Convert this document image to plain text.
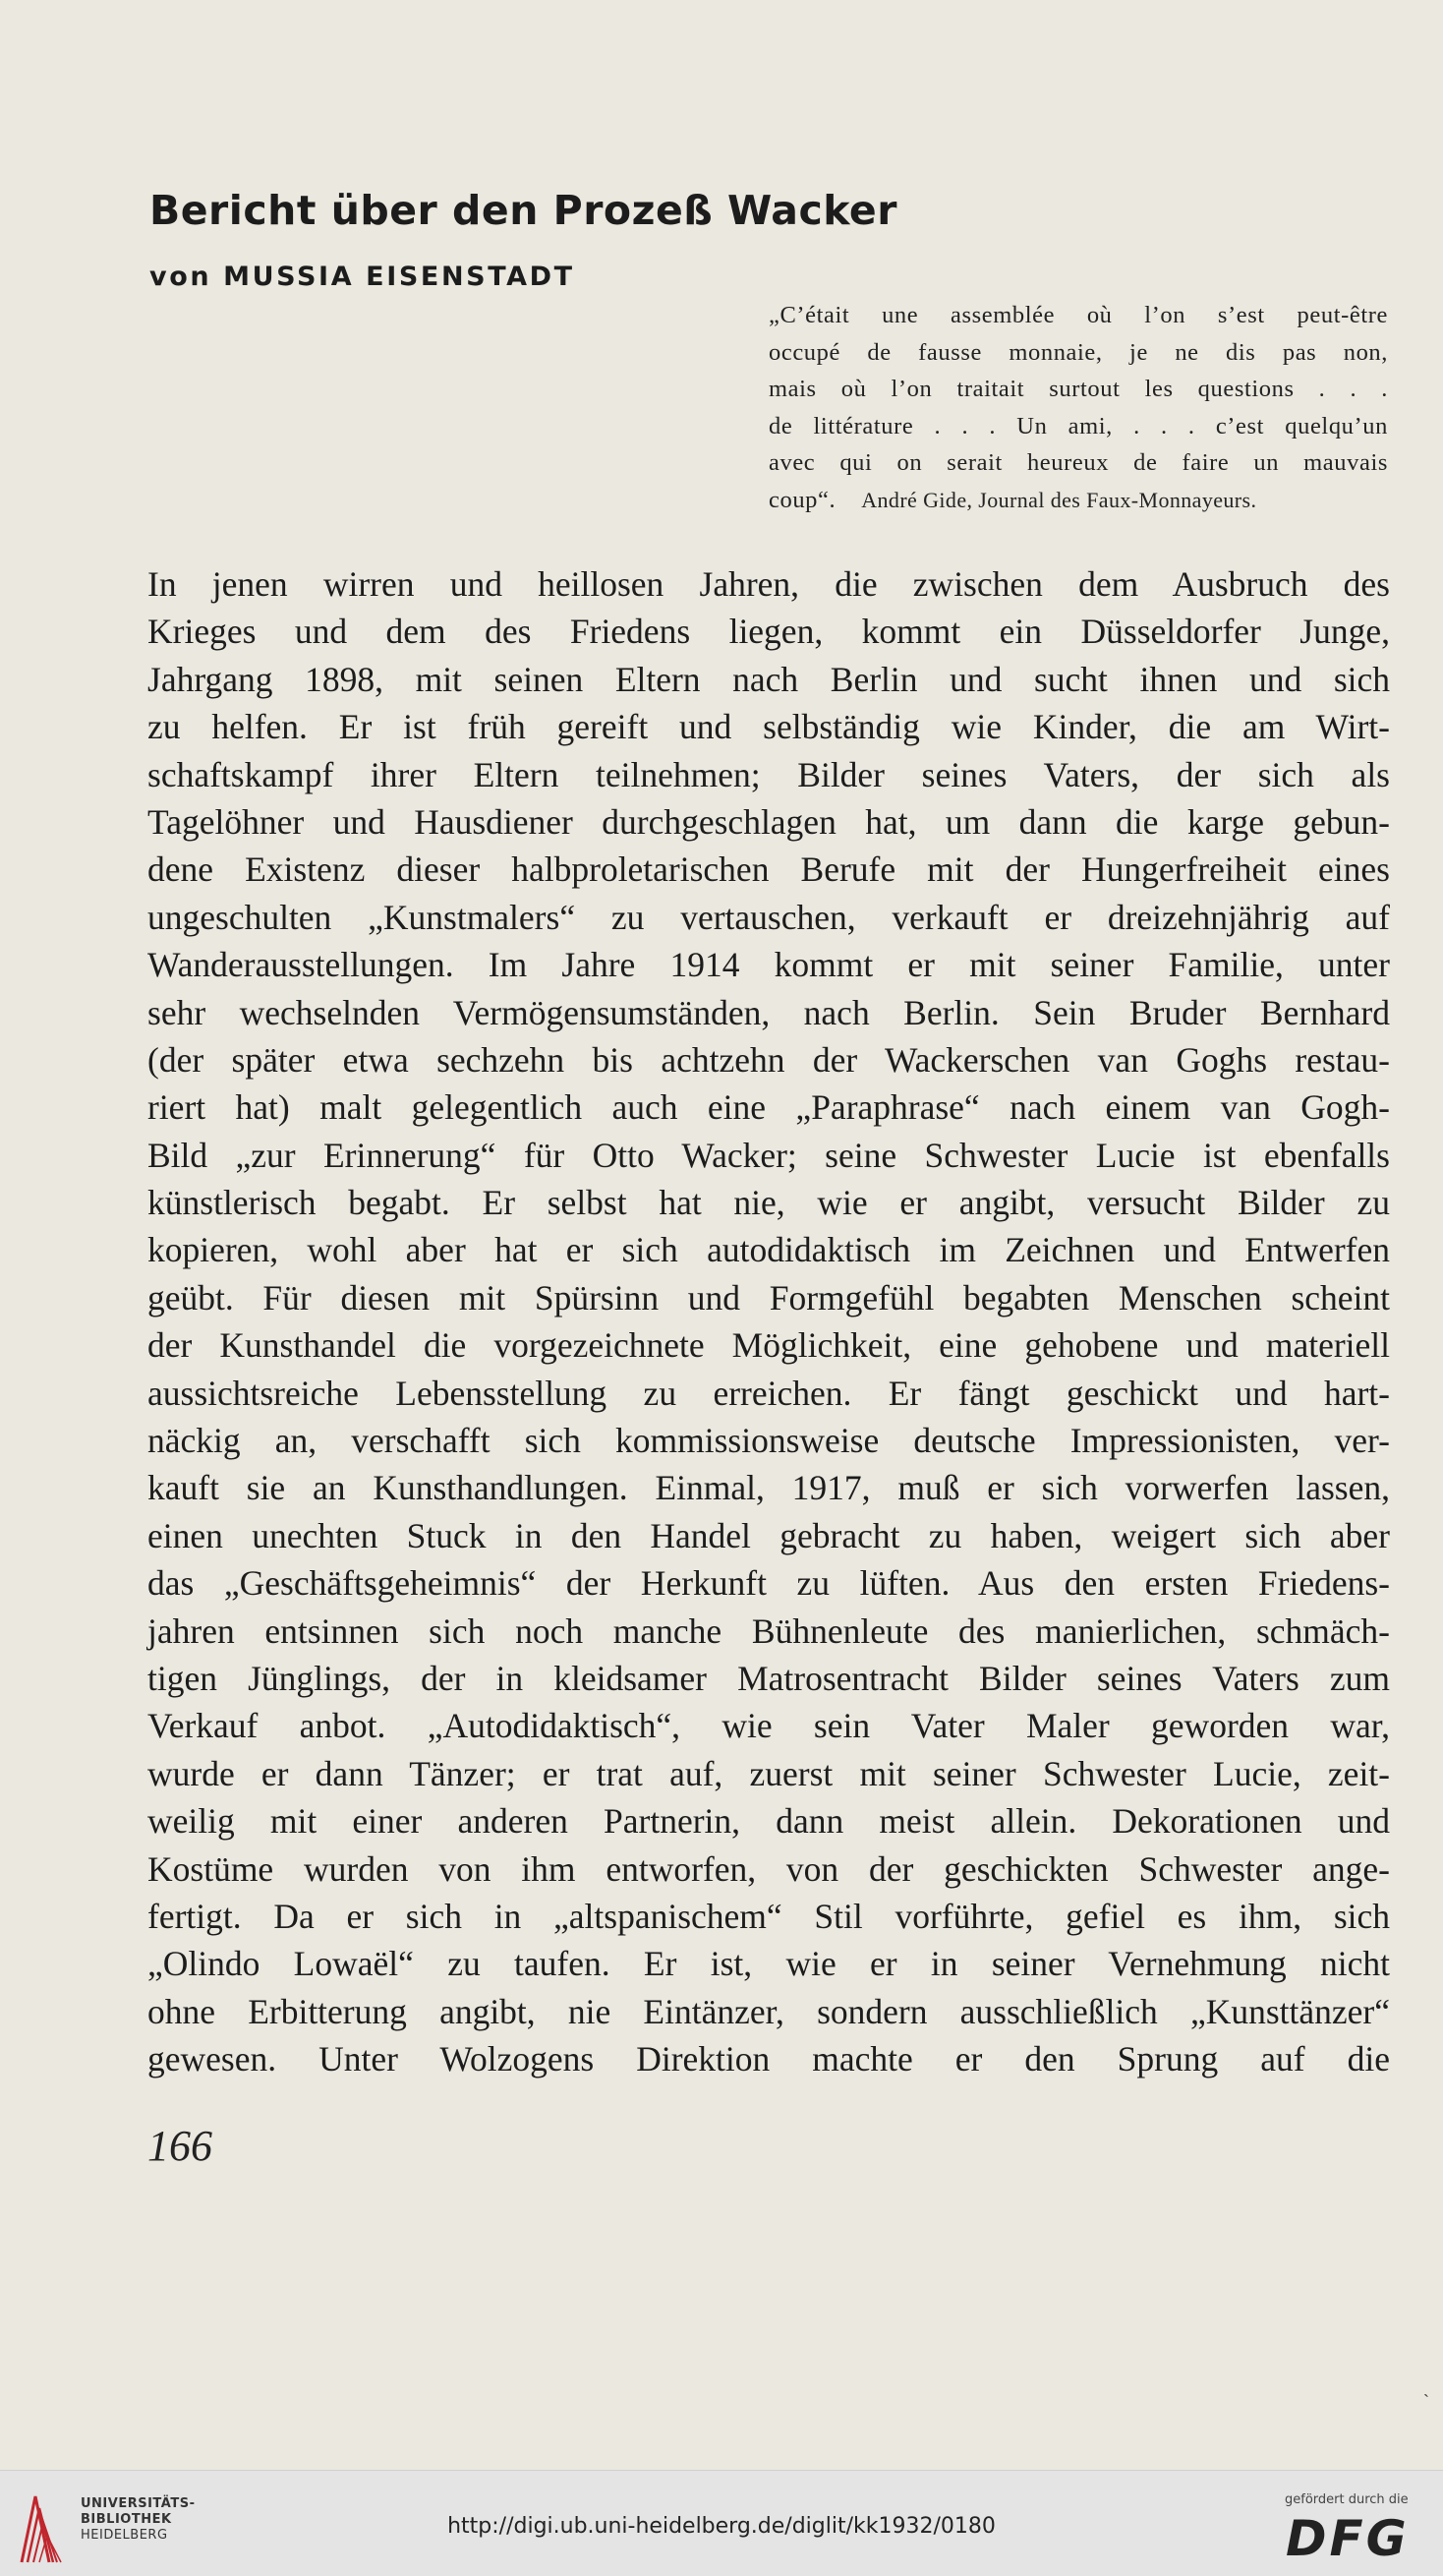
Bericht über den Prozeß Wacker
von MUSSIA EISENSTADT
„C’était une assemblée où l’on s’est peut-être
occupé de fausse monnaie, je ne dis pas non,
mais où l’on traitait surtout les questions . . .
de littérature . . . Un ami, . . . c’est quelqu’un
avec qui on serait heureux de faire un mauvais
coup“. André Gide, Journal des Faux-Monnayeurs.
In jenen wirren und heillosen Jahren, die zwischen dem Ausbruch des
Krieges und dem des Friedens liegen, kommt ein Düsseldorfer Junge,
Jahrgang 1898, mit seinen Eltern nach Berlin und sucht ihnen und sich
zu helfen. Er ist früh gereift und selbständig wie Kinder, die am Wirt-
schaftskampf ihrer Eltern teilnehmen; Bilder seines Vaters, der sich als
Tagelöhner und Hausdiener durchgeschlagen hat, um dann die karge gebun-
dene Existenz dieser halbproletarischen Berufe mit der Hungerfreiheit eines
ungeschulten „Kunstmalers“ zu vertauschen, verkauft er dreizehnjährig auf
Wanderausstellungen. Im Jahre 1914 kommt er mit seiner Familie, unter
sehr wechselnden Vermögensumständen, nach Berlin. Sein Bruder Bernhard
(der später etwa sechzehn bis achtzehn der Wackerschen van Goghs restau-
riert hat) malt gelegentlich auch eine „Paraphrase“ nach einem van Gogh-
Bild „zur Erinnerung“ für Otto Wacker; seine Schwester Lucie ist ebenfalls
künstlerisch begabt. Er selbst hat nie, wie er angibt, versucht Bilder zu
kopieren, wohl aber hat er sich autodidaktisch im Zeichnen und Entwerfen
geübt. Für diesen mit Spürsinn und Formgefühl begabten Menschen scheint
der Kunsthandel die vorgezeichnete Möglichkeit, eine gehobene und materiell
aussichtsreiche Lebensstellung zu erreichen. Er fängt geschickt und hart-
näckig an, verschafft sich kommissionsweise deutsche Impressionisten, ver-
kauft sie an Kunsthandlungen. Einmal, 1917, muß er sich vorwerfen lassen,
einen unechten Stuck in den Handel gebracht zu haben, weigert sich aber
das „Geschäftsgeheimnis“ der Herkunft zu lüften. Aus den ersten Friedens-
jahren entsinnen sich noch manche Bühnenleute des manierlichen, schmäch-
tigen Jünglings, der in kleidsamer Matrosentracht Bilder seines Vaters zum
Verkauf anbot. „Autodidaktisch“, wie sein Vater Maler geworden war,
wurde er dann Tänzer; er trat auf, zuerst mit seiner Schwester Lucie, zeit-
weilig mit einer anderen Partnerin, dann meist allein. Dekorationen und
Kostüme wurden von ihm entworfen, von der geschickten Schwester ange-
fertigt. Da er sich in „altspanischem“ Stil vorführte, gefiel es ihm, sich
„Olindo Lowaël“ zu taufen. Er ist, wie er in seiner Vernehmung nicht
ohne Erbitterung angibt, nie Eintänzer, sondern ausschließlich „Kunsttänzer“
gewesen. Unter Wolzogens Direktion machte er den Sprung auf die
166
ˎ
UNIVERSITÄTS-
BIBLIOTHEK
HEIDELBERG	http://digi.ub.uni-heidelberg.de/diglit/kk1932/0180
gefördert durch die
DFG
